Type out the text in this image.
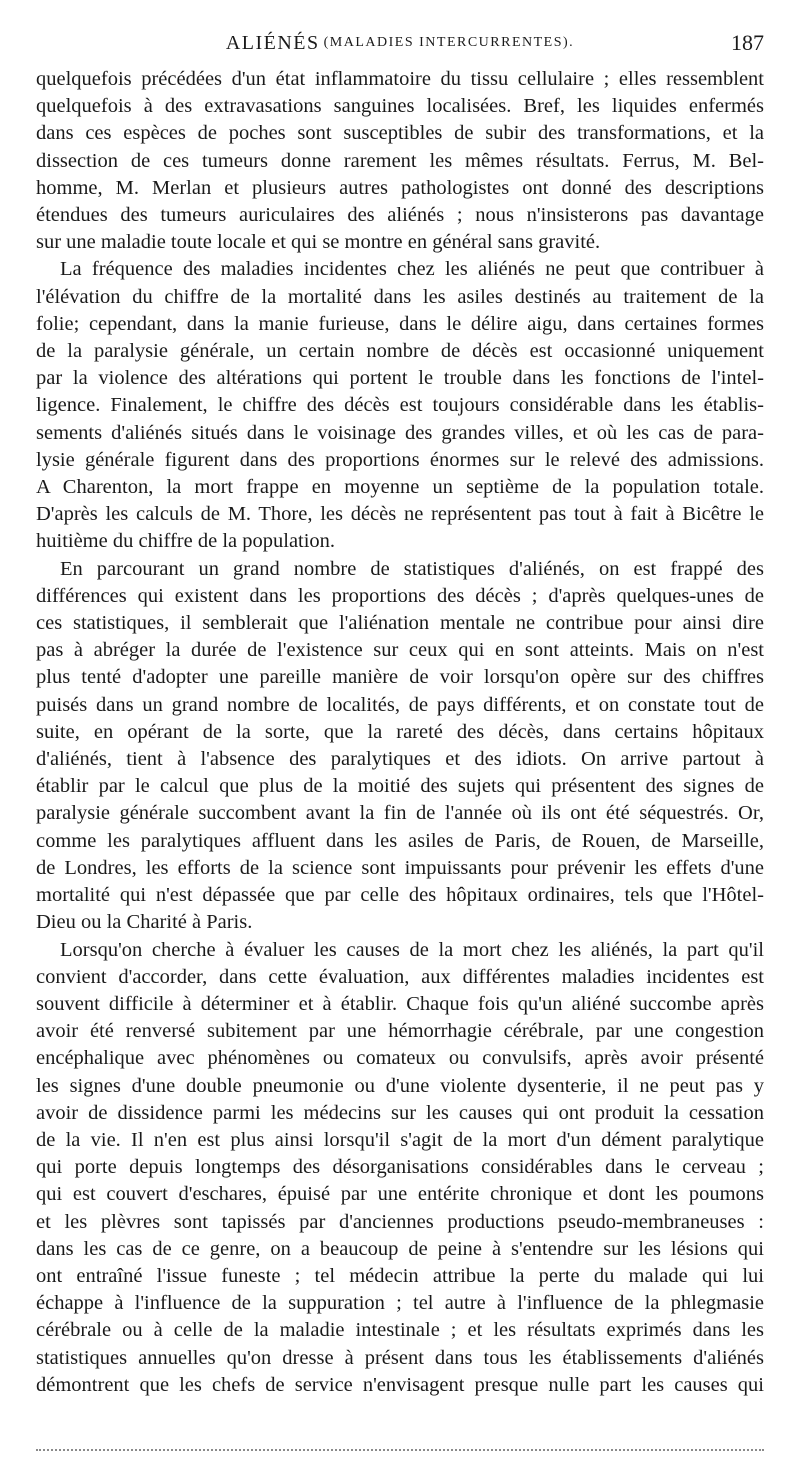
ALIÉNÉS
(MALADIES INTERCURRENTES).	187
quelquefois précédées d'un état inflammatoire du tissu cellulaire ; elles ressemblent
quelquefois à des extravasations sanguines localisées. Bref, les liquides enfermés
dans ces espèces de poches sont susceptibles de subir des transformations, et la
dissection de ces tumeurs donne rarement les mêmes résultats. Ferrus, M. Bel-
homme, M. Merlan et plusieurs autres pathologistes ont donné des descriptions
étendues des tumeurs auriculaires des aliénés ; nous n'insisterons pas davantage
sur une maladie toute locale et qui se montre en général sans gravité.
La fréquence des maladies incidentes chez les aliénés ne peut que contribuer à
l'élévation du chiffre de la mortalité dans les asiles destinés au traitement de la
folie; cependant, dans la manie furieuse, dans le délire aigu, dans certaines formes
de la paralysie générale, un certain nombre de décès est occasionné uniquement
par la violence des altérations qui portent le trouble dans les fonctions de l'intel-
ligence. Finalement, le chiffre des décès est toujours considérable dans les établis-
sements d'aliénés situés dans le voisinage des grandes villes, et où les cas de para-
lysie générale figurent dans des proportions énormes sur le relevé des admissions.
A Charenton, la mort frappe en moyenne un septième de la population totale.
D'après les calculs de M. Thore, les décès ne représentent pas tout à fait à Bicêtre le
huitième du chiffre de la population.
En parcourant un grand nombre de statistiques d'aliénés, on est frappé des
différences qui existent dans les proportions des décès ; d'après quelques-unes de
ces statistiques, il semblerait que l'aliénation mentale ne contribue pour ainsi dire
pas à abréger la durée de l'existence sur ceux qui en sont atteints. Mais on n'est
plus tenté d'adopter une pareille manière de voir lorsqu'on opère sur des chiffres
puisés dans un grand nombre de localités, de pays différents, et on constate tout de
suite, en opérant de la sorte, que la rareté des décès, dans certains hôpitaux
d'aliénés, tient à l'absence des paralytiques et des idiots. On arrive partout à
établir par le calcul que plus de la moitié des sujets qui présentent des signes de
paralysie générale succombent avant la fin de l'année où ils ont été séquestrés. Or,
comme les paralytiques affluent dans les asiles de Paris, de Rouen, de Marseille,
de Londres, les efforts de la science sont impuissants pour prévenir les effets d'une
mortalité qui n'est dépassée que par celle des hôpitaux ordinaires, tels que l'Hôtel-
Dieu ou la Charité à Paris.
Lorsqu'on cherche à évaluer les causes de la mort chez les aliénés, la part qu'il
convient d'accorder, dans cette évaluation, aux différentes maladies incidentes est
souvent difficile à déterminer et à établir. Chaque fois qu'un aliéné succombe après
avoir été renversé subitement par une hémorrhagie cérébrale, par une congestion
encéphalique avec phénomènes ou comateux ou convulsifs, après avoir présenté
les signes d'une double pneumonie ou d'une violente dysenterie, il ne peut pas y
avoir de dissidence parmi les médecins sur les causes qui ont produit la cessation
de la vie. Il n'en est plus ainsi lorsqu'il s'agit de la mort d'un dément paralytique
qui porte depuis longtemps des désorganisations considérables dans le cerveau ;
qui est couvert d'eschares, épuisé par une entérite chronique et dont les poumons
et les plèvres sont tapissés par d'anciennes productions pseudo-membraneuses :
dans les cas de ce genre, on a beaucoup de peine à s'entendre sur les lésions qui
ont entraîné l'issue funeste ; tel médecin attribue la perte du malade qui lui
échappe à l'influence de la suppuration ; tel autre à l'influence de la phlegmasie
cérébrale ou à celle de la maladie intestinale ; et les résultats exprimés dans les
statistiques annuelles qu'on dresse à présent dans tous les établissements d'aliénés
démontrent que les chefs de service n'envisagent presque nulle part les causes qui
